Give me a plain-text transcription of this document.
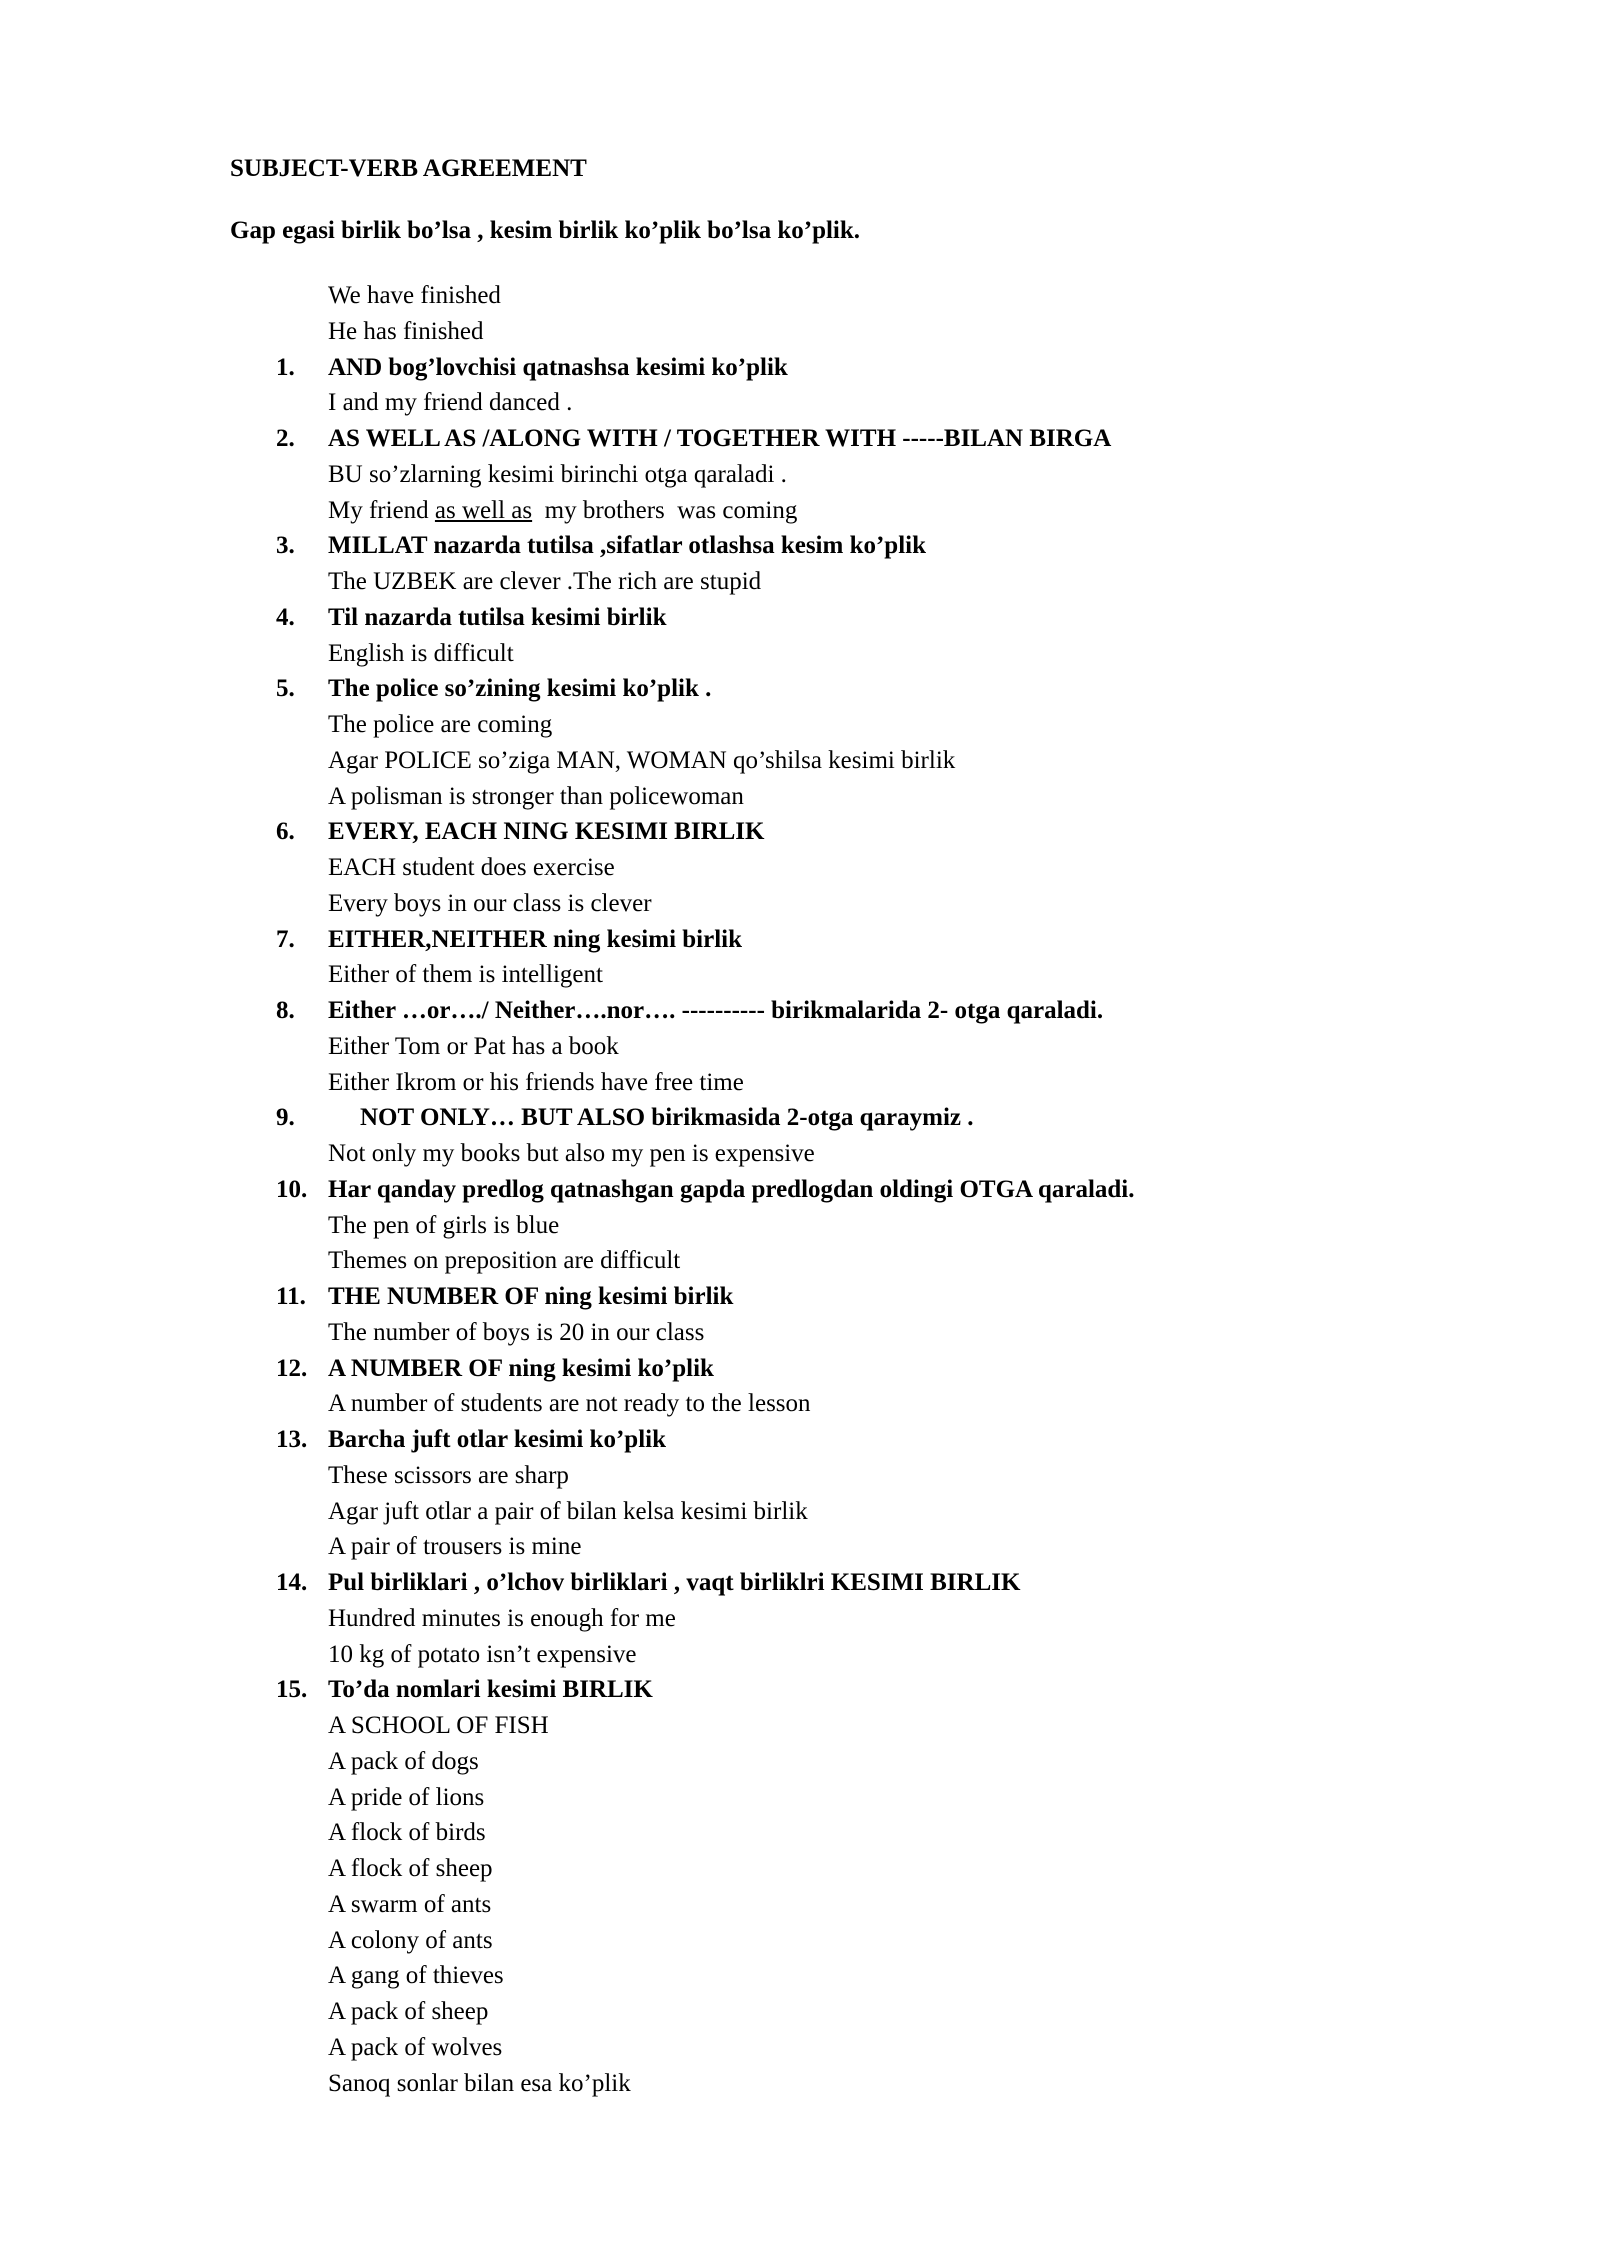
SUBJECT-VERB AGREEMENT
Gap egasi birlik bo’lsa , kesim birlik ko’plik bo’lsa ko’plik.
We have finished
He has finished
1.	AND bog’lovchisi qatnashsa kesimi ko’plik
I and my friend danced .
2.	AS WELL AS /ALONG WITH / TOGETHER WITH -----BILAN BIRGA
BU so’zlarning kesimi birinchi otga qaraladi .
My friend as well as  my brothers  was coming
3.	MILLAT nazarda tutilsa ,sifatlar otlashsa kesim ko’plik
The UZBEK are clever .The rich are stupid
4.	Til nazarda tutilsa kesimi birlik
English is difficult
5.	The police so’zining kesimi ko’plik .
The police are coming
Agar POLICE so’ziga MAN, WOMAN qo’shilsa kesimi birlik
A polisman is stronger than policewoman
6.	EVERY, EACH NING KESIMI BIRLIK
EACH student does exercise
Every boys in our class is clever
7.	EITHER,NEITHER ning kesimi birlik
Either of them is intelligent
8.	Either …or…./ Neither….nor…. ---------- birikmalarida 2- otga qaraladi.
Either Tom or Pat has a book
Either Ikrom or his friends have free time
9.	NOT ONLY… BUT ALSO birikmasida 2-otga qaraymiz .
Not only my books but also my pen is expensive
10. Har qanday predlog qatnashgan gapda predlogdan oldingi OTGA qaraladi.
The pen of girls is blue
Themes on preposition are difficult
11. THE NUMBER OF ning kesimi birlik
The number of boys is 20 in our class
12. A NUMBER OF ning kesimi ko’plik
A number of students are not ready to the lesson
13. Barcha juft otlar kesimi ko’plik
These scissors are sharp
Agar juft otlar a pair of bilan kelsa kesimi birlik
A pair of trousers is mine
14. Pul birliklari , o’lchov birliklari , vaqt birliklri KESIMI BIRLIK
Hundred minutes is enough for me
10 kg of potato isn’t expensive
15. To’da nomlari kesimi BIRLIK
A SCHOOL OF FISH
A pack of dogs
A pride of lions
A flock of birds
A flock of sheep
A swarm of ants
A colony of ants
A gang of thieves
A pack of sheep
A pack of wolves
Sanoq sonlar bilan esa ko’plik
